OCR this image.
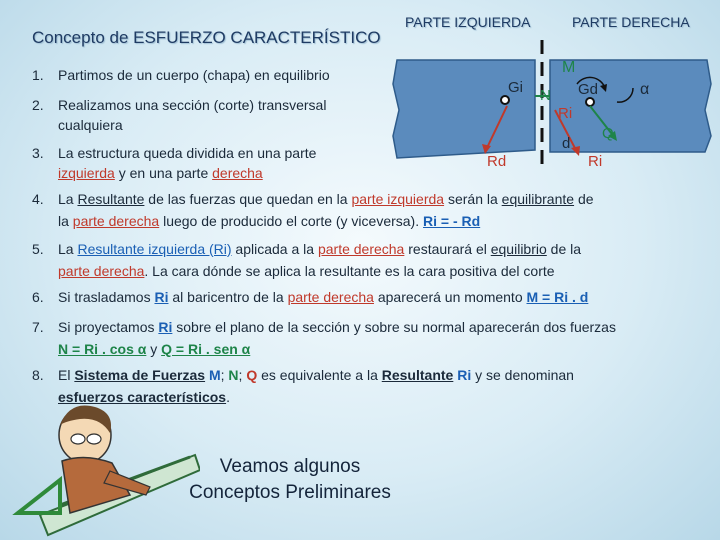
Concepto de ESFUERZO CARACTERÍSTICO
PARTE IZQUIERDA	PARTE DERECHA
Gi N
M
Gd	α
Ri
Q
d
Ri
Rd
1. Partimos de un cuerpo (chapa) en equilibrio
2. Realizamos una sección (corte) transversal
cualquiera
3. La estructura queda dividida en una parte
izquierda y en una parte derecha
4. La Resultante de las fuerzas que quedan en la parte izquierda serán la equilibrante de
la parte derecha luego de producido el corte (y viceversa). Ri = - Rd
5. La Resultante izquierda (Ri) aplicada a la parte derecha restaurará el equilibrio de la
parte derecha. La cara dónde se aplica la resultante es la cara positiva del corte
6. Si trasladamos Ri al baricentro de la parte derecha aparecerá un momento M = Ri . d
7. Si proyectamos Ri sobre el plano de la sección y sobre su normal aparecerán dos fuerzas
N = Ri . cos α y Q = Ri . sen α
8. El Sistema de Fuerzas M; N; Q es equivalente a la Resultante Ri y se denominan
esfuerzos característicos.
Veamos algunos
Conceptos Preliminares
